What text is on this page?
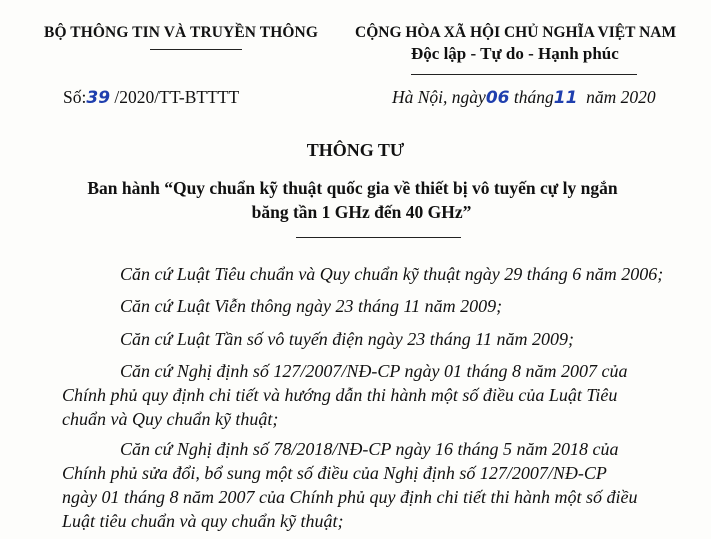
BỘ THÔNG TIN VÀ TRUYỀN THÔNG CỘNG HÒA XÃ HỘI CHỦ NGHĨA VIỆT NAM
Độc lập - Tự do - Hạnh phúc
Số:39 /2020/TT-BTTTT	Hà Nội, ngày06 tháng11 năm 2020
THÔNG TƯ
Ban hành “Quy chuẩn kỹ thuật quốc gia về thiết bị vô tuyến cự ly ngắn
băng tần 1 GHz đến 40 GHz”
Căn cứ Luật Tiêu chuẩn và Quy chuẩn kỹ thuật ngày 29 tháng 6 năm 2006;
Căn cứ Luật Viễn thông ngày 23 tháng 11 năm 2009;
Căn cứ Luật Tần số vô tuyến điện ngày 23 tháng 11 năm 2009;
Căn cứ Nghị định số 127/2007/NĐ-CP ngày 01 tháng 8 năm 2007 của
Chính phủ quy định chi tiết và hướng dẫn thi hành một số điều của Luật Tiêu
chuẩn và Quy chuẩn kỹ thuật;
Căn cứ Nghị định số 78/2018/NĐ-CP ngày 16 tháng 5 năm 2018 của
Chính phủ sửa đổi, bổ sung một số điều của Nghị định số 127/2007/NĐ-CP
ngày 01 tháng 8 năm 2007 của Chính phủ quy định chi tiết thi hành một số điều
Luật tiêu chuẩn và quy chuẩn kỹ thuật;
